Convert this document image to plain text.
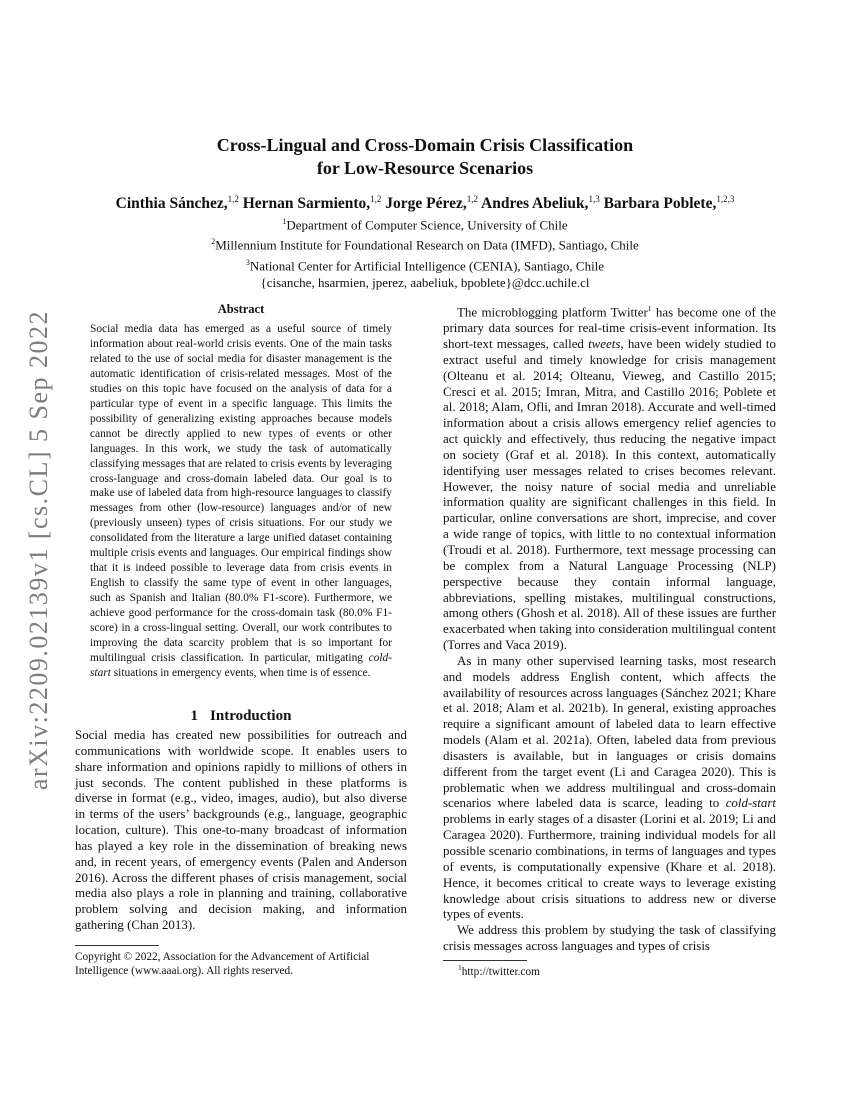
arXiv:2209.02139v1 [cs.CL] 5 Sep 2022
Cross-Lingual and Cross-Domain Crisis Classification
for Low-Resource Scenarios
Cinthia Sánchez,$^{1,2}$ Hernan Sarmiento,$^{1,2}$ Jorge Pérez,$^{1,2}$ Andres Abeliuk,$^{1,3}$ Barbara Poblete,$^{1,2,3}$
$^1$Department of Computer Science, University of Chile
$^2$Millennium Institute for Foundational Research on Data (IMFD), Santiago, Chile
$^3$National Center for Artificial Intelligence (CENIA), Santiago, Chile
{cisanche, hsarmien, jperez, aabeliuk, bpoblete}@dcc.uchile.cl
Abstract
Social media data has emerged as a useful source of timely information about real-world crisis events. One of the main tasks related to the use of social media for disaster management is the automatic identification of crisis-related messages. Most of the studies on this topic have focused on the analysis of data for a particular type of event in a specific language. This limits the possibility of generalizing existing approaches because models cannot be directly applied to new types of events or other languages. In this work, we study the task of automatically classifying messages that are related to crisis events by leveraging cross-language and cross-domain labeled data. Our goal is to make use of labeled data from high-resource languages to classify messages from other (low-resource) languages and/or of new (previously unseen) types of crisis situations. For our study we consolidated from the literature a large unified dataset containing multiple crisis events and languages. Our empirical findings show that it is indeed possible to leverage data from crisis events in English to classify the same type of event in other languages, such as Spanish and Italian (80.0% F1-score). Furthermore, we achieve good performance for the cross-domain task (80.0% F1-score) in a cross-lingual setting. Overall, our work contributes to improving the data scarcity problem that is so important for multilingual crisis classification. In particular, mitigating cold-start situations in emergency events, when time is of essence.
1 Introduction

Social media has created new possibilities for outreach and communications with worldwide scope. It enables users to share information and opinions rapidly to millions of others in just seconds. The content published in these platforms is diverse in format (e.g., video, images, audio), but also diverse in terms of the users’ backgrounds (e.g., language, geographic location, culture). This one-to-many broadcast of information has played a key role in the dissemination of breaking news and, in recent years, of emergency events (Palen and Anderson 2016). Across the different phases of crisis management, social media also plays a role in planning and training, collaborative problem solving and decision making, and information gathering (Chan 2013).

Copyright © 2022, Association for the Advancement of Artificial Intelligence (www.aaai.org). All rights reserved.

The microblogging platform Twitter$^1$ has become one of the primary data sources for real-time crisis-event information. Its short-text messages, called tweets, have been widely studied to extract useful and timely knowledge for crisis management (Olteanu et al. 2014; Olteanu, Vieweg, and Castillo 2015; Cresci et al. 2015; Imran, Mitra, and Castillo 2016; Poblete et al. 2018; Alam, Ofli, and Imran 2018). Accurate and well-timed information about a crisis allows emergency relief agencies to act quickly and effectively, thus reducing the negative impact on society (Graf et al. 2018). In this context, automatically identifying user messages related to crises becomes relevant. However, the noisy nature of social media and unreliable information quality are significant challenges in this field. In particular, online conversations are short, imprecise, and cover a wide range of topics, with little to no contextual information (Troudi et al. 2018). Furthermore, text message processing can be complex from a Natural Language Processing (NLP) perspective because they contain informal language, abbreviations, spelling mistakes, multilingual constructions, among others (Ghosh et al. 2018). All of these issues are further exacerbated when taking into consideration multilingual content (Torres and Vaca 2019).

As in many other supervised learning tasks, most research and models address English content, which affects the availability of resources across languages (Sánchez 2021; Khare et al. 2018; Alam et al. 2021b). In general, existing approaches require a significant amount of labeled data to learn effective models (Alam et al. 2021a). Often, labeled data from previous disasters is available, but in languages or crisis domains different from the target event (Li and Caragea 2020). This is problematic when we address multilingual and cross-domain scenarios where labeled data is scarce, leading to cold-start problems in early stages of a disaster (Lorini et al. 2019; Li and Caragea 2020). Furthermore, training individual models for all possible scenario combinations, in terms of languages and types of events, is computationally expensive (Khare et al. 2018). Hence, it becomes critical to create ways to leverage existing knowledge about crisis situations to address new or diverse types of events.

We address this problem by studying the task of classifying crisis messages across languages and types of crisis

$^1$http://twitter.com
